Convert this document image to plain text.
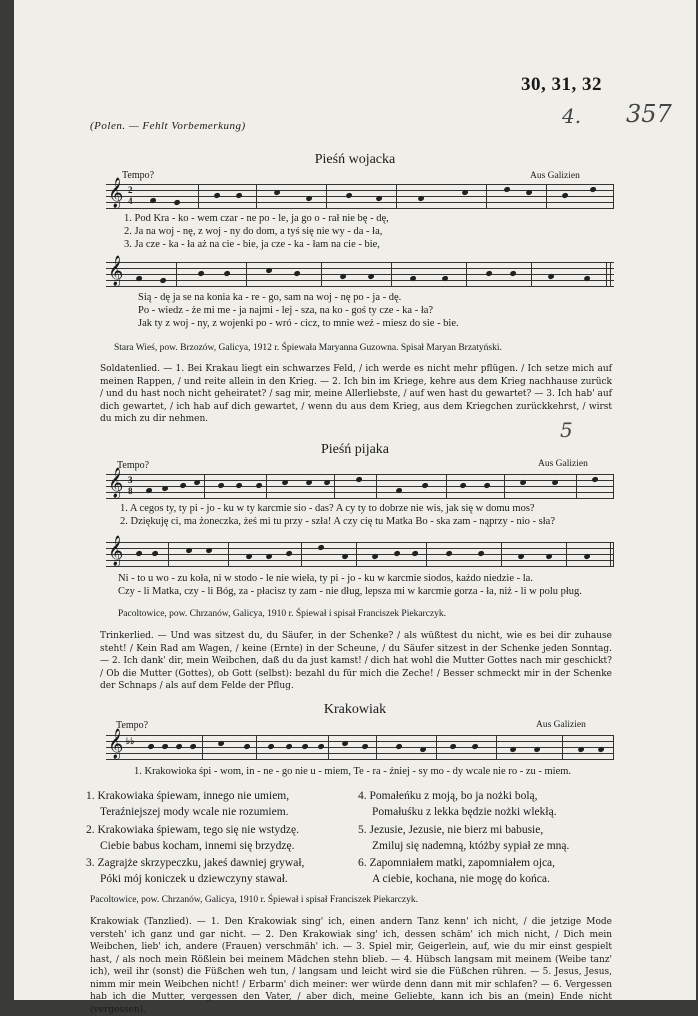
30, 31, 32
4. 357
5
(Polen. — Fehlt Vorbemerkung)
Pieśń wojacka
Tempo?	Aus Galizien
𝄞 2
4
1. Pod Kra - ko - wem czar - ne po - le, ja go o - rał nie bę - dę,
2. Ja na woj - nę, z woj - ny do dom, a tyś się nie wy - da - ła,
3. Ja cze - ka - ła aż na cie - bie, ja cze - ka - łam na cie - bie,
𝄞
Sią - dę ja se na konia ka - re - go, sam na woj - nę po - ja - dę.
Po - wiedz - że mi me - ja najmi - lej - sza, na ko - goś ty cze - ka - ła?
Jak ty z woj - ny, z wojenki po - wró - cicz, to mnie weź - miesz do sie - bie.
Stara Wieś, pow. Brzozów, Galicya, 1912 r. Śpiewała Maryanna Guzowna. Spisał Maryan Brzatyński.
Soldatenlied. — 1. Bei Krakau liegt ein schwarzes Feld, / ich werde es nicht mehr pflügen. / Ich setze mich auf meinen Rappen, / und reite allein in den Krieg. — 2. Ich bin im Kriege, kehre aus dem Krieg nachhause zurück / und du hast noch nicht geheiratet? / sag mir, meine Allerliebste, / auf wen hast du gewartet? — 3. Ich hab' auf dich gewartet, / ich hab auf dich gewartet, / wenn du aus dem Krieg, aus dem Kriegchen zurückkehrst, / wirst du mich zu dir nehmen.
Pieśń pijaka
Tempo?	Aus Galizien
𝄞 3
8
1. A cegos ty, ty pi - jo - ku w ty karcmie sio - das? A cy ty to dobrze nie wis, jak się w domu mos?
2. Dziękuję ci, ma żoneczka, żeś mi tu przy - szła! A czy cię tu Matka Bo - ska zam - nąprzy - nio - sła?
𝄞
Ni - to u wo - zu koła, ni w stodo - le nie wieła, ty pi - jo - ku w karcmie siodos, każdo niedzie - la.
Czy - li Matka, czy - li Bóg, za - płacisz ty zam - nie dług, lepsza mi w karcmie gorza - ła, niż - li w polu pług.
Pacoltowice, pow. Chrzanów, Galicya, 1910 r. Śpiewał i spisał Franciszek Piekarczyk.
Trinkerlied. — Und was sitzest du, du Säufer, in der Schenke? / als wüßtest du nicht, wie es bei dir zuhause steht! / Kein Rad am Wagen, / keine (Ernte) in der Scheune, / du Säufer sitzest in der Schenke jeden Sonntag. — 2. Ich dank' dir, mein Weibchen, daß du da just kamst! / dich hat wohl die Mutter Gottes nach mir geschickt? / Ob die Mutter (Gottes), ob Gott (selbst): bezahl du für mich die Zeche! / Besser schmeckt mir in der Schenke der Schnaps / als auf dem Felde der Pflug.
Krakowiak
Tempo?	Aus Galizien
𝄞 ♭♭
1. Krakowioka śpi - wom, in - ne - go nie u - miem, Te - ra - źniej - sy mo - dy wcale nie ro - zu - miem.
1. Krakowiaka śpiewam, innego nie umiem,
Teraźniejszej mody wcale nie rozumiem.
2. Krakowiaka śpiewam, tego się nie wstydzę.
Ciebie babus kocham, innemi się brzydzę.
3. Zagrajże skrzypeczku, jakeś dawniej grywał,
Póki mój koniczek u dziewczyny stawał.
4. Pomałeńku z moją, bo ja nożki bolą,
Pomałuśku z lekka będzie nożki wlekłą.
5. Jezusie, Jezusie, nie bierz mi babusie,
Zmiluj się nademną, któżby sypiał ze mną.
6. Zapomniałem matki, zapomniałem ojca,
A ciebie, kochana, nie mogę do końca.
Pacoltowice, pow. Chrzanów, Galicya, 1910 r. Śpiewał i spisał Franciszek Piekarczyk.
Krakowiak (Tanzlied). — 1. Den Krakowiak sing' ich, einen andern Tanz kenn' ich nicht, / die jetzige Mode versteh' ich ganz und gar nicht. — 2. Den Krakowiak sing' ich, dessen schäm' ich mich nicht, / Dich mein Weibchen, lieb' ich, andere (Frauen) verschmäh' ich. — 3. Spiel mir, Geigerlein, auf, wie du mir einst gespielt hast, / als noch mein Rößlein bei meinem Mädchen stehn blieb. — 4. Hübsch langsam mit meinem (Weibe tanz' ich), weil ihr (sonst) die Füßchen weh tun, / langsam und leicht wird sie die Füßchen rühren. — 5. Jesus, Jesus, nimm mir mein Weibchen nicht! / Erbarm' dich meiner: wer würde denn dann mit mir schlafen? — 6. Vergessen hab ich die Mutter, vergessen den Vater, / aber dich, meine Geliebte, kann ich bis an (mein) Ende nicht (vergessen).
